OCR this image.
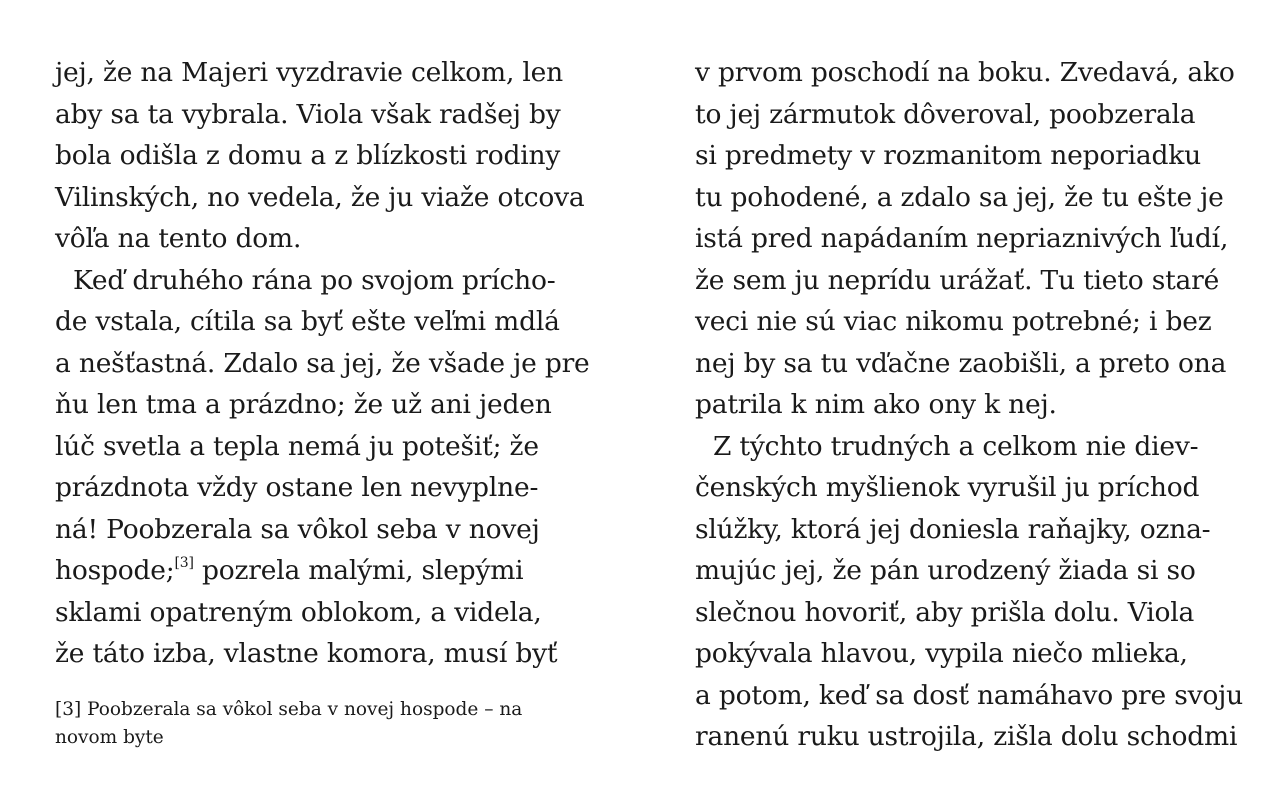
jej, že na Majeri vyzdravie celkom, len
aby sa ta vybrala. Viola však radšej by
bola odišla z domu a z blízkosti rodiny
Vilinských, no vedela, že ju viaže otcova
vôľa na tento dom.
Keď druhého rána po svojom prícho-
de vstala, cítila sa byť ešte veľmi mdlá
a nešťastná. Zdalo sa jej, že všade je pre
ňu len tma a prázdno; že už ani jeden
lúč svetla a tepla nemá ju potešiť; že
prázdnota vždy ostane len nevyplne-
ná! Poobzerala sa vôkol seba v novej
hospode;[3] pozrela malými, slepými
sklami opatreným oblokom, a videla,
že táto izba, vlastne komora, musí byť
[3] Poobzerala sa vôkol seba v novej hospode – na
novom byte
v prvom poschodí na boku. Zvedavá, ako
to jej zármutok dôveroval, poobzerala
si predmety v rozmanitom neporiadku
tu pohodené, a zdalo sa jej, že tu ešte je
istá pred napádaním nepriaznivých ľudí,
že sem ju neprídu urážať. Tu tieto staré
veci nie sú viac nikomu potrebné; i bez
nej by sa tu vďačne zaobišli, a preto ona
patrila k nim ako ony k nej.
Z týchto trudných a celkom nie diev-
čenských myšlienok vyrušil ju príchod
slúžky, ktorá jej doniesla raňajky, ozna-
mujúc jej, že pán urodzený žiada si so
slečnou hovoriť, aby prišla dolu. Viola
pokývala hlavou, vypila niečo mlieka,
a potom, keď sa dosť namáhavo pre svoju
ranenú ruku ustrojila, zišla dolu schodmi
